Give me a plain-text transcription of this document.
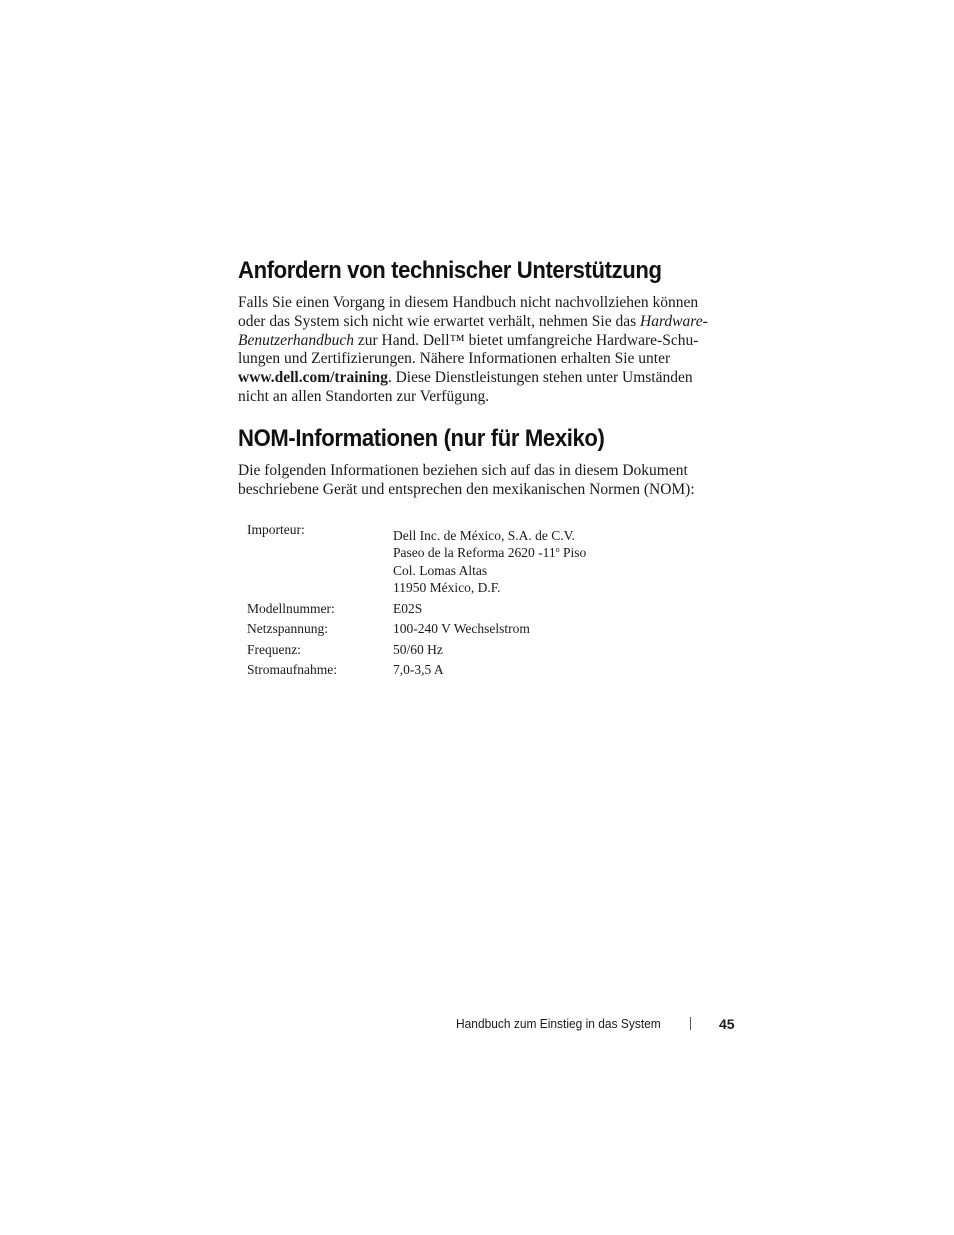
Anfordern von technischer Unterstützung

Falls Sie einen Vorgang in diesem Handbuch nicht nachvollziehen können
oder das System sich nicht wie erwartet verhält, nehmen Sie das Hardware-
Benutzerhandbuch zur Hand. Dell™ bietet umfangreiche Hardware-Schu-
lungen und Zertifizierungen. Nähere Informationen erhalten Sie unter
www.dell.com/training. Diese Dienstleistungen stehen unter Umständen
nicht an allen Standorten zur Verfügung.

NOM-Informationen (nur für Mexiko)

Die folgenden Informationen beziehen sich auf das in diesem Dokument
beschriebene Gerät und entsprechen den mexikanischen Normen (NOM):

Importeur:	Dell Inc. de México, S.A. de C.V.
Paseo de la Reforma 2620 -11$^o$ Piso
Col. Lomas Altas
11950 México, D.F.

Modellnummer:	E02S
Netzspannung:	100-240 V Wechselstrom
Frequenz:	50/60 Hz
Stromaufnahme:	7,0-3,5 A
Handbuch zum Einstieg in das System	45
